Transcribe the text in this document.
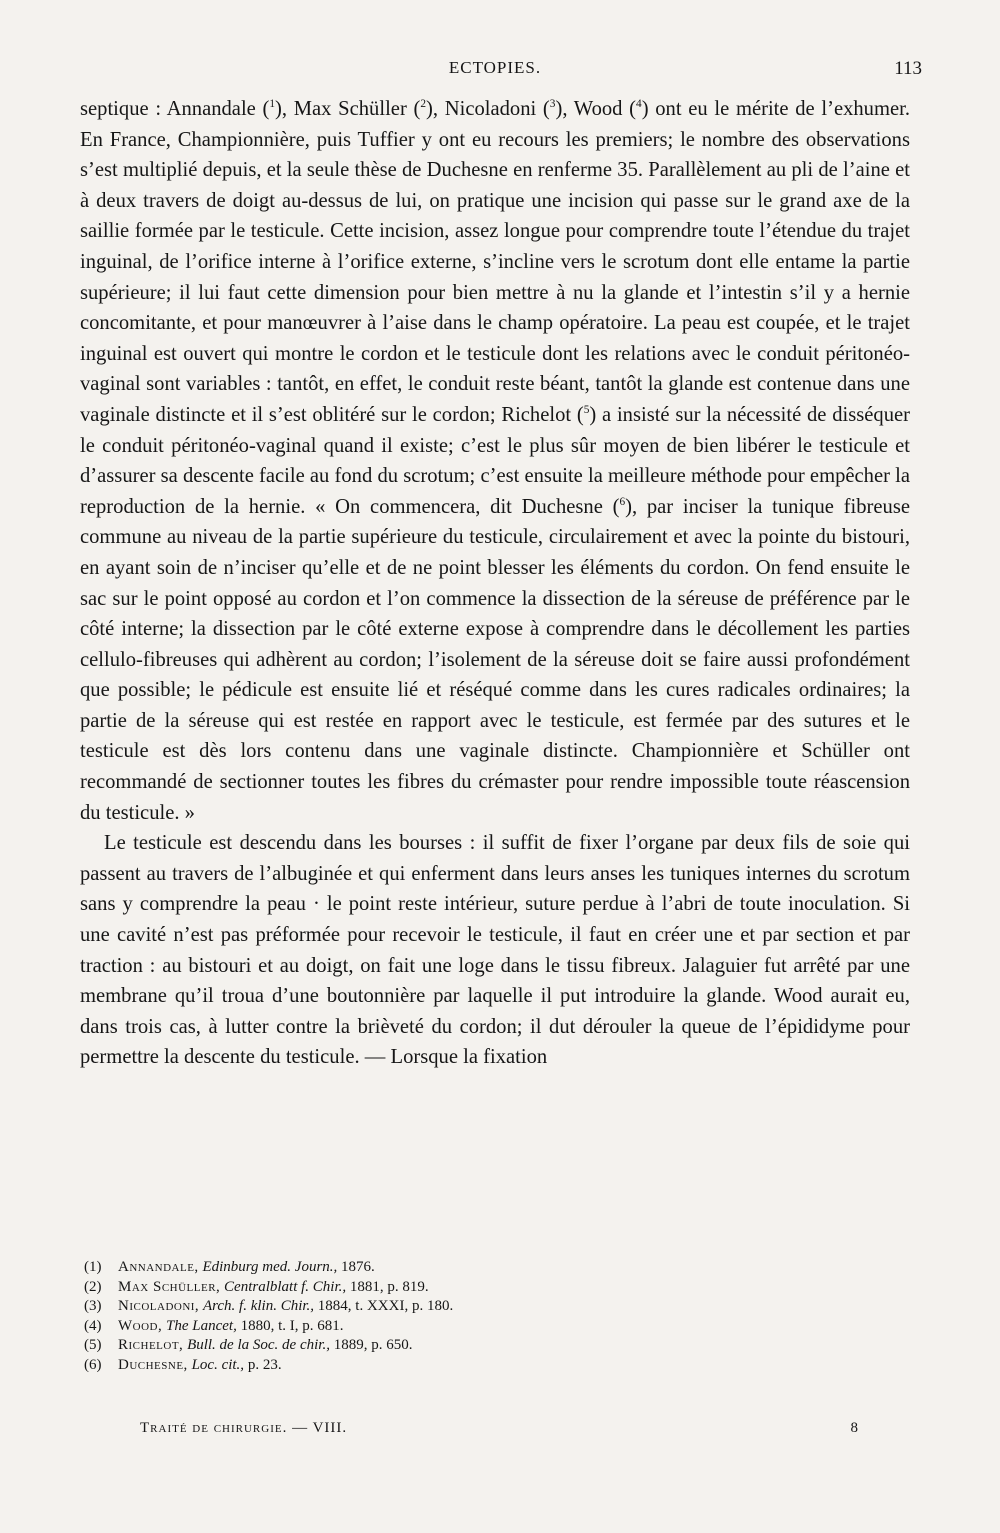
ECTOPIES.	113

septique : Annandale ($^1$), Max Schüller ($^2$), Nicoladoni ($^3$), Wood ($^4$) ont eu le mérite de l’exhumer. En France, Championnière, puis Tuffier y ont eu recours les premiers; le nombre des observations s’est multiplié depuis, et la seule thèse de Duchesne en renferme 35. Parallèlement au pli de l’aine et à deux travers de doigt au-dessus de lui, on pratique une incision qui passe sur le grand axe de la saillie formée par le testicule. Cette incision, assez longue pour comprendre toute l’étendue du trajet inguinal, de l’orifice interne à l’orifice externe, s’incline vers le scrotum dont elle entame la partie supérieure; il lui faut cette dimension pour bien mettre à nu la glande et l’intestin s’il y a hernie concomitante, et pour manœuvrer à l’aise dans le champ opératoire. La peau est coupée, et le trajet inguinal est ouvert qui montre le cordon et le testicule dont les relations avec le conduit péritonéo-vaginal sont variables : tantôt, en effet, le conduit reste béant, tantôt la glande est contenue dans une vaginale distincte et il s’est oblitéré sur le cordon; Richelot ($^5$) a insisté sur la nécessité de disséquer le conduit péritonéo-vaginal quand il existe; c’est le plus sûr moyen de bien libérer le testicule et d’assurer sa descente facile au fond du scrotum; c’est ensuite la meilleure méthode pour empêcher la reproduction de la hernie. « On commencera, dit Duchesne ($^6$), par inciser la tunique fibreuse commune au niveau de la partie supérieure du testicule, circulairement et avec la pointe du bistouri, en ayant soin de n’inciser qu’elle et de ne point blesser les éléments du cordon. On fend ensuite le sac sur le point opposé au cordon et l’on commence la dissection de la séreuse de préférence par le côté interne; la dissection par le côté externe expose à comprendre dans le décollement les parties cellulo-fibreuses qui adhèrent au cordon; l’isolement de la séreuse doit se faire aussi profondément que possible; le pédicule est ensuite lié et réséqué comme dans les cures radicales ordinaires; la partie de la séreuse qui est restée en rapport avec le testicule, est fermée par des sutures et le testicule est dès lors contenu dans une vaginale distincte. Championnière et Schüller ont recommandé de sectionner toutes les fibres du crémaster pour rendre impossible toute réascension du testicule. »

Le testicule est descendu dans les bourses : il suffit de fixer l’organe par deux fils de soie qui passent au travers de l’albuginée et qui enferment dans leurs anses les tuniques internes du scrotum sans y comprendre la peau · le point reste intérieur, suture perdue à l’abri de toute inoculation. Si une cavité n’est pas préformée pour recevoir le testicule, il faut en créer une et par section et par traction : au bistouri et au doigt, on fait une loge dans le tissu fibreux. Jalaguier fut arrêté par une membrane qu’il troua d’une boutonnière par laquelle il put introduire la glande. Wood aurait eu, dans trois cas, à lutter contre la brièveté du cordon; il dut dérouler la queue de l’épididyme pour permettre la descente du testicule. — Lorsque la fixation

(1) Annandale, Edinburg med. Journ., 1876.
(2) Max Schüller, Centralblatt f. Chir., 1881, p. 819.
(3) Nicoladoni, Arch. f. klin. Chir., 1884, t. XXXI, p. 180.
(4) Wood, The Lancet, 1880, t. I, p. 681.
(5) Richelot, Bull. de la Soc. de chir., 1889, p. 650.
(6) Duchesne, Loc. cit., p. 23.
Traité de chirurgie. — VIII.	8
